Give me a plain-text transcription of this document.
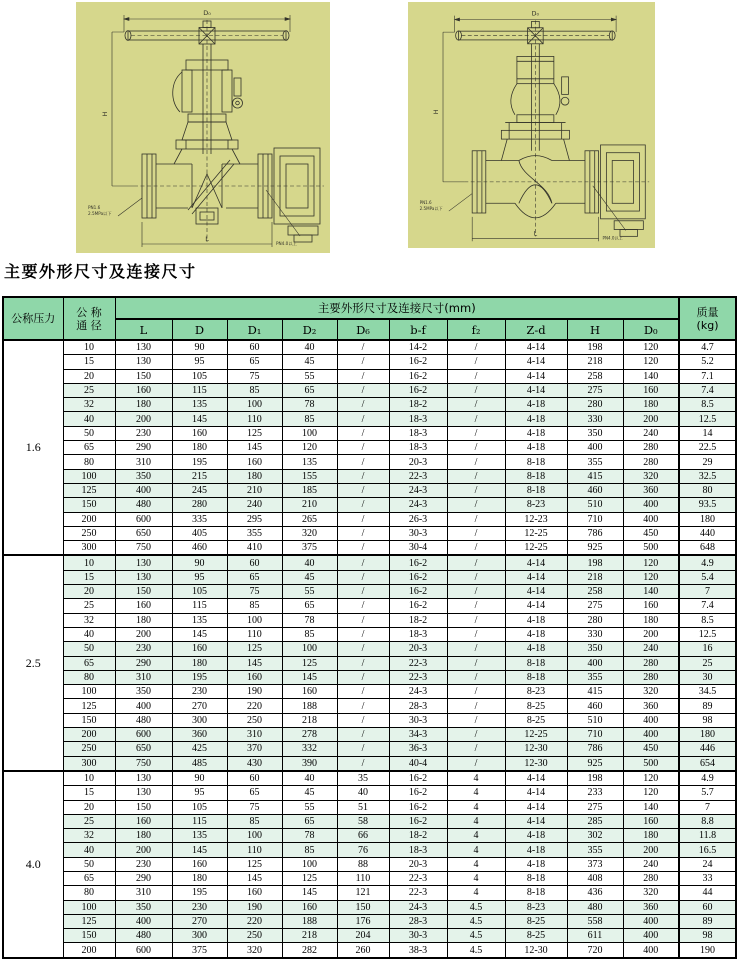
D₀
H
L
PN1.6
2.5MPa以下
PN4.0以上
D₀
H
L
PN1.6
2.5MPa以下
PN4.0以上
主要外形尺寸及连接尺寸
公称压力	公 称
通 径
	主要外形尺寸及连接尺寸(mm)	质量
(kg)

		L	D	D₁	D₂	D₆	b-f	f₂	Z-d	H	D₀	
1.6	10	130	90	60	40	/	14-2	/	4-14	198	120	4.7
	15	130	95	65	45	/	16-2	/	4-14	218	120	5.2
	20	150	105	75	55	/	16-2	/	4-14	258	140	7.1
	25	160	115	85	65	/	16-2	/	4-14	275	160	7.4
	32	180	135	100	78	/	18-2	/	4-18	280	180	8.5
	40	200	145	110	85	/	18-3	/	4-18	330	200	12.5
	50	230	160	125	100	/	18-3	/	4-18	350	240	14
	65	290	180	145	120	/	18-3	/	4-18	400	280	22.5
	80	310	195	160	135	/	20-3	/	8-18	355	280	29
	100	350	215	180	155	/	22-3	/	8-18	415	320	32.5
	125	400	245	210	185	/	24-3	/	8-18	460	360	80
	150	480	280	240	210	/	24-3	/	8-23	510	400	93.5
	200	600	335	295	265	/	26-3	/	12-23	710	400	180
	250	650	405	355	320	/	30-3	/	12-25	786	450	440
	300	750	460	410	375	/	30-4	/	12-25	925	500	648
2.5	10	130	90	60	40	/	16-2	/	4-14	198	120	4.9
	15	130	95	65	45	/	16-2	/	4-14	218	120	5.4
	20	150	105	75	55	/	16-2	/	4-14	258	140	7
	25	160	115	85	65	/	16-2	/	4-14	275	160	7.4
	32	180	135	100	78	/	18-2	/	4-18	280	180	8.5
	40	200	145	110	85	/	18-3	/	4-18	330	200	12.5
	50	230	160	125	100	/	20-3	/	4-18	350	240	16
	65	290	180	145	125	/	22-3	/	8-18	400	280	25
	80	310	195	160	145	/	22-3	/	8-18	355	280	30
	100	350	230	190	160	/	24-3	/	8-23	415	320	34.5
	125	400	270	220	188	/	28-3	/	8-25	460	360	89
	150	480	300	250	218	/	30-3	/	8-25	510	400	98
	200	600	360	310	278	/	34-3	/	12-25	710	400	180
	250	650	425	370	332	/	36-3	/	12-30	786	450	446
	300	750	485	430	390	/	40-4	/	12-30	925	500	654
4.0	10	130	90	60	40	35	16-2	4	4-14	198	120	4.9
	15	130	95	65	45	40	16-2	4	4-14	233	120	5.7
	20	150	105	75	55	51	16-2	4	4-14	275	140	7
	25	160	115	85	65	58	16-2	4	4-14	285	160	8.8
	32	180	135	100	78	66	18-2	4	4-18	302	180	11.8
	40	200	145	110	85	76	18-3	4	4-18	355	200	16.5
	50	230	160	125	100	88	20-3	4	4-18	373	240	24
	65	290	180	145	125	110	22-3	4	8-18	408	280	33
	80	310	195	160	145	121	22-3	4	8-18	436	320	44
	100	350	230	190	160	150	24-3	4.5	8-23	480	360	60
	125	400	270	220	188	176	28-3	4.5	8-25	558	400	89
	150	480	300	250	218	204	30-3	4.5	8-25	611	400	98
	200	600	375	320	282	260	38-3	4.5	12-30	720	400	190
